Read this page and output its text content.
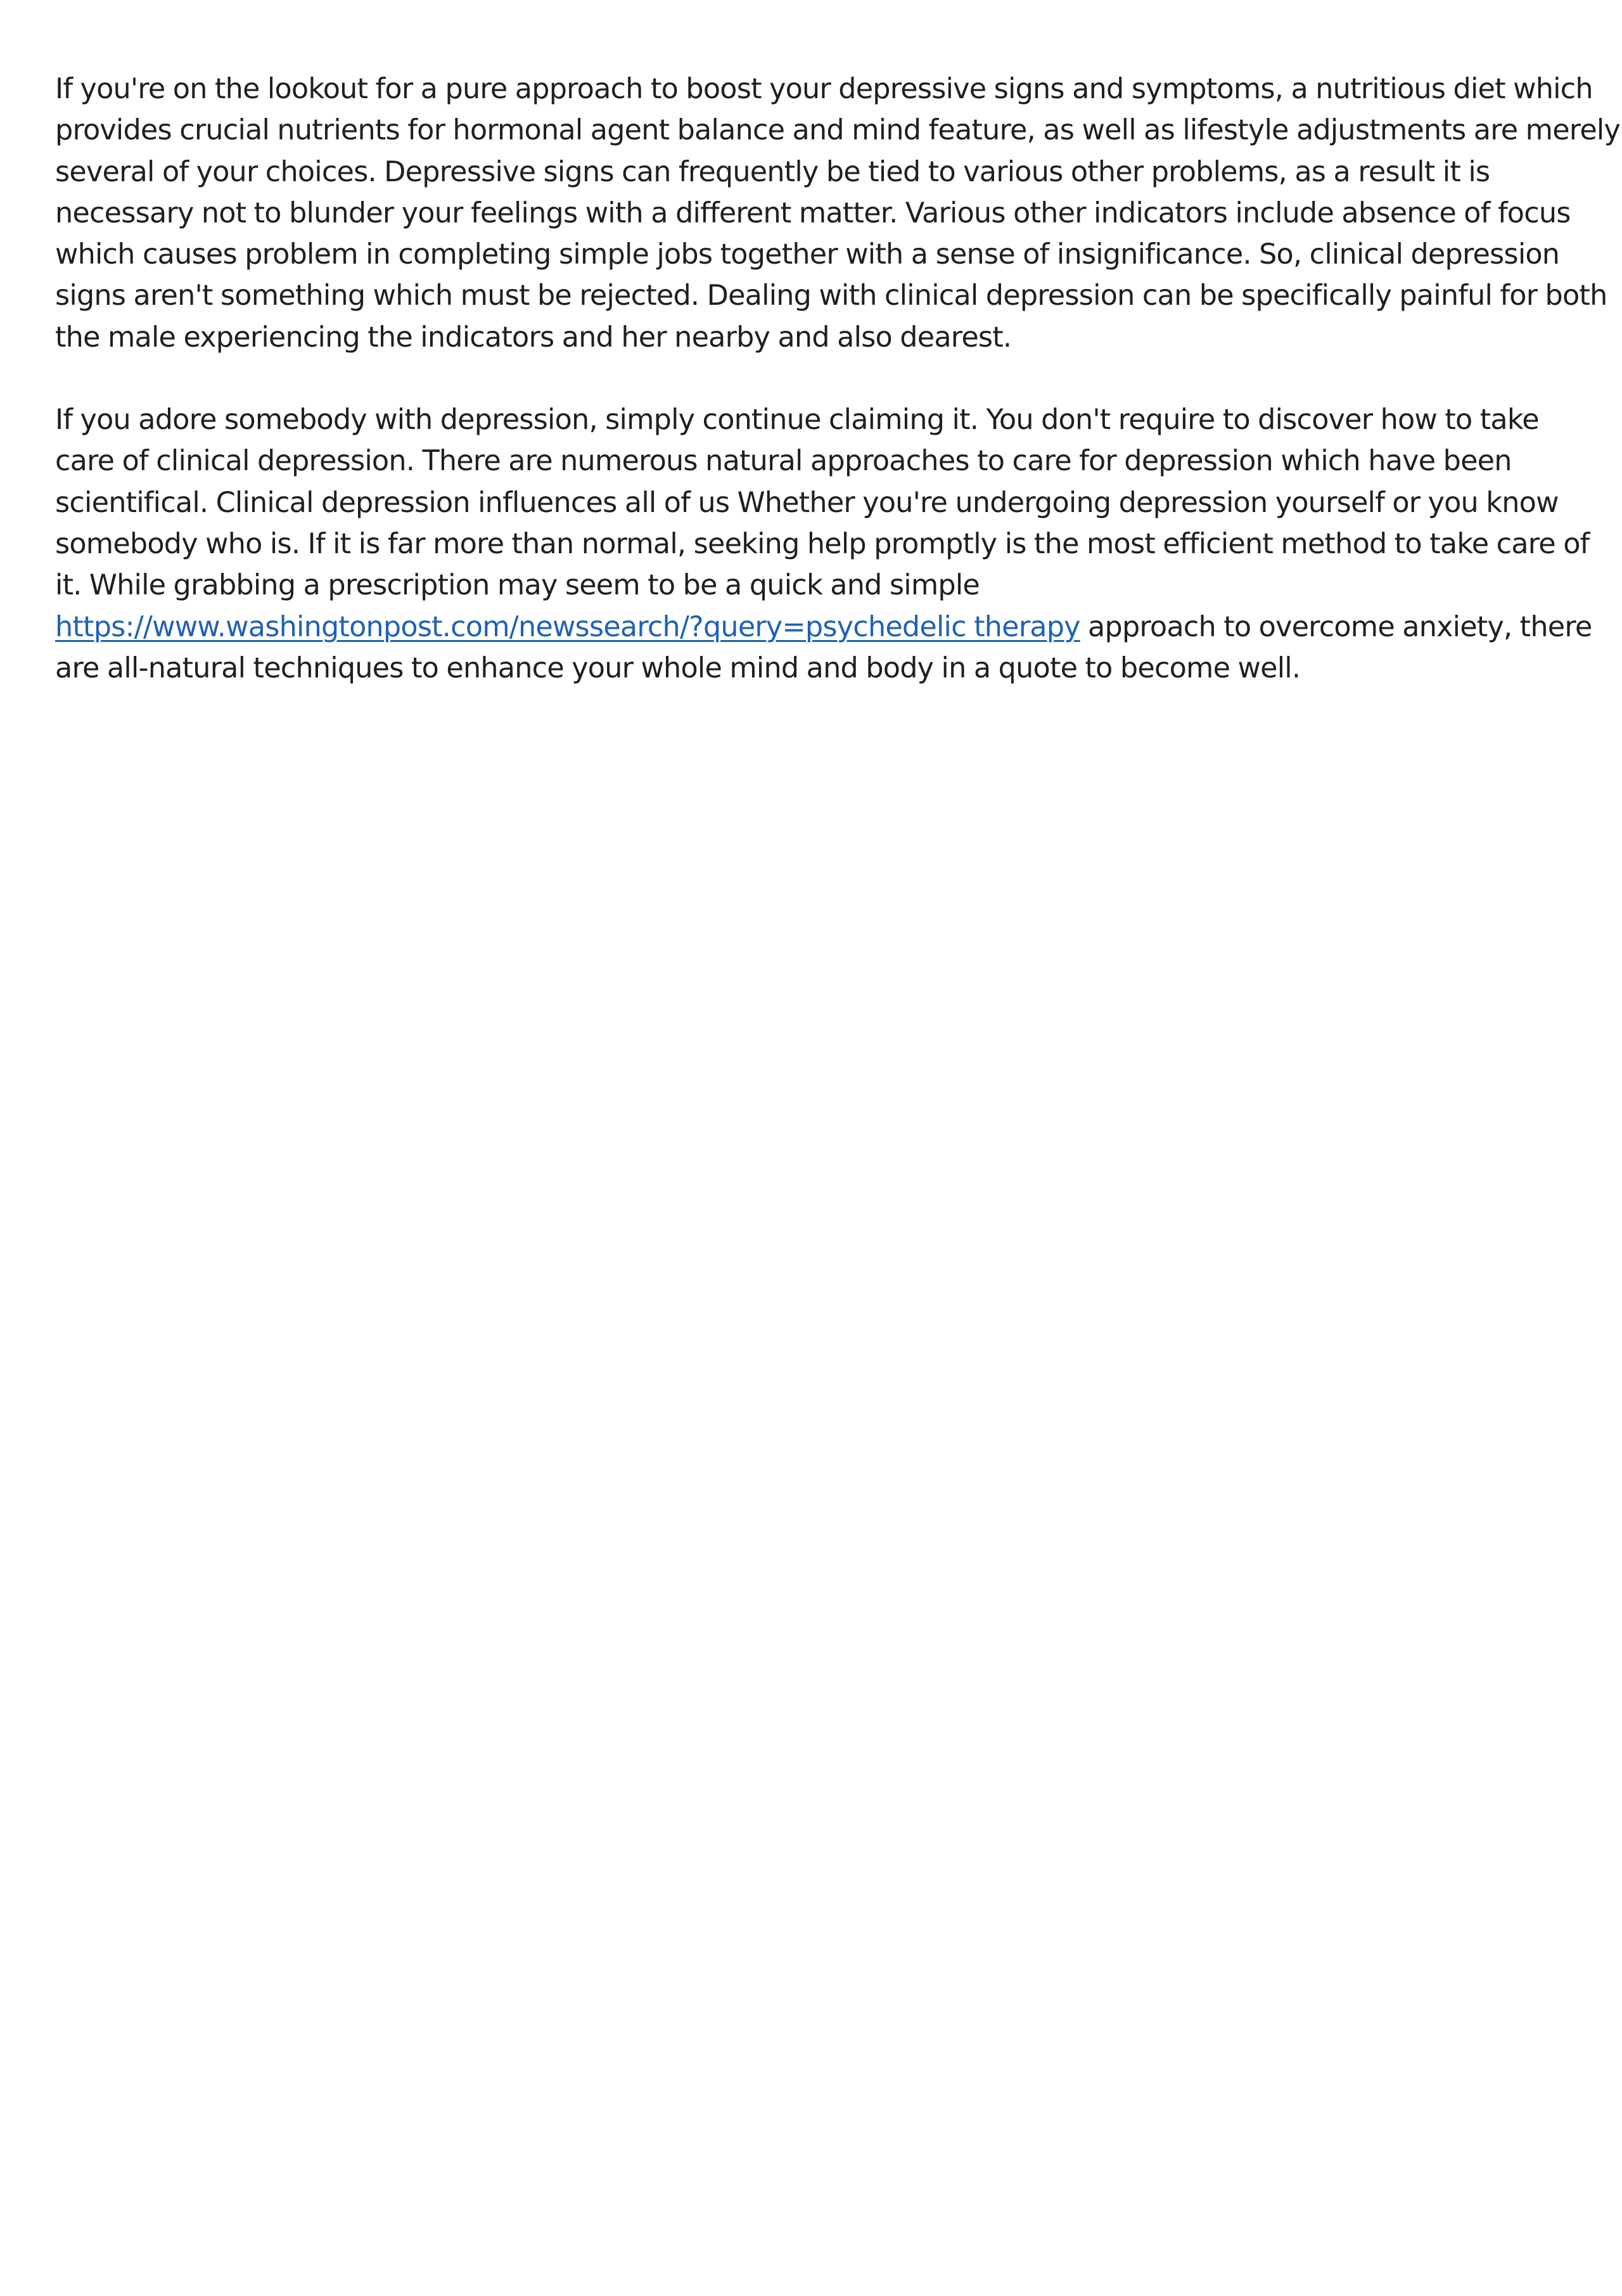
If you're on the lookout for a pure approach to boost your depressive signs and symptoms, a nutritious diet which
provides crucial nutrients for hormonal agent balance and mind feature, as well as lifestyle adjustments are merely
several of your choices. Depressive signs can frequently be tied to various other problems, as a result it is
necessary not to blunder your feelings with a different matter. Various other indicators include absence of focus
which causes problem in completing simple jobs together with a sense of insignificance. So, clinical depression
signs aren't something which must be rejected. Dealing with clinical depression can be specifically painful for both
the male experiencing the indicators and her nearby and also dearest.

If you adore somebody with depression, simply continue claiming it. You don't require to discover how to take
care of clinical depression. There are numerous natural approaches to care for depression which have been
scientifical. Clinical depression influences all of us Whether you're undergoing depression yourself or you know
somebody who is. If it is far more than normal, seeking help promptly is the most efficient method to take care of
it. While grabbing a prescription may seem to be a quick and simple
https://www.washingtonpost.com/newssearch/?query=psychedelic therapy approach to overcome anxiety, there
are all-natural techniques to enhance your whole mind and body in a quote to become well.
